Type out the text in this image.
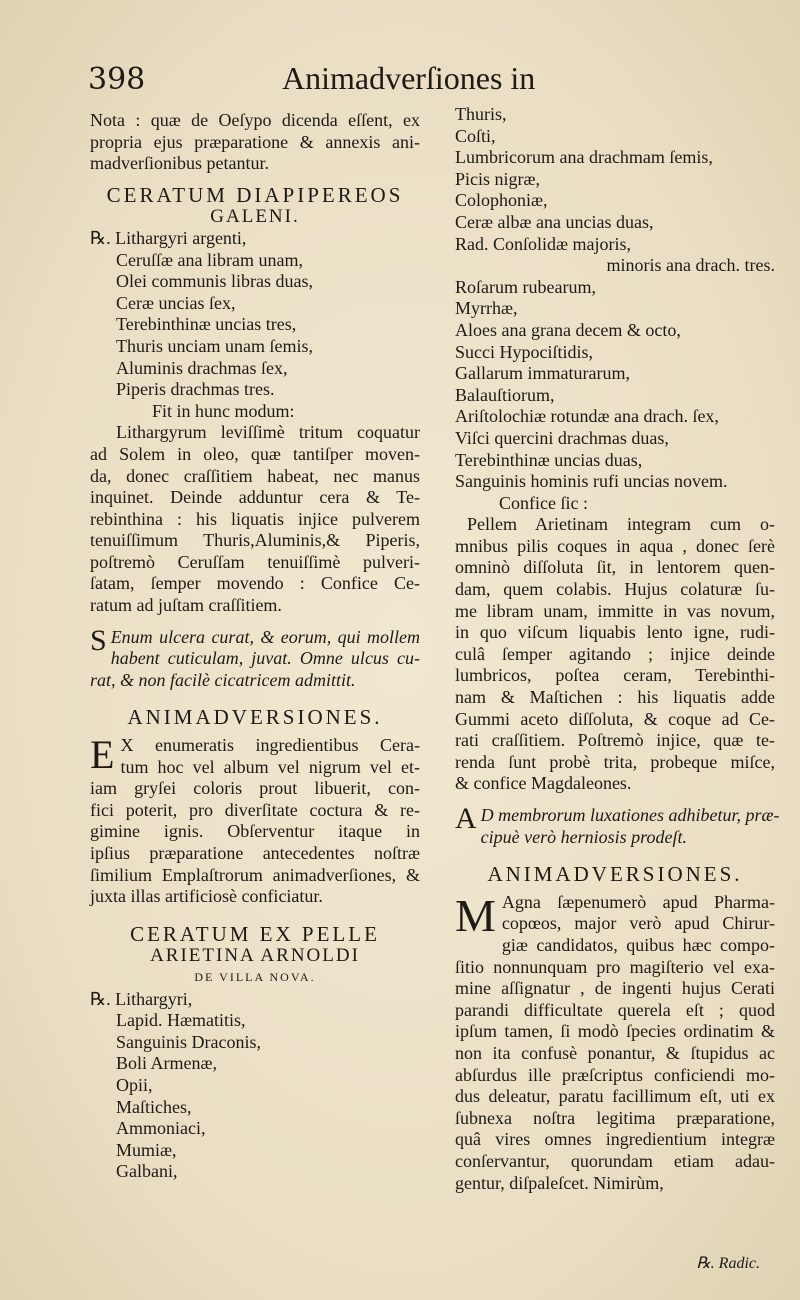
398	Animadverſiones in
Nota : quæ de Oeſypo dicenda eſſent, ex
propria ejus præparatione & annexis ani-
madverſionibus petantur.
CERATUM DIAPIPEREOS
GALENI.
℞. Lithargyri argenti,
Ceruſſæ ana libram unam,
Olei communis libras duas,
Ceræ uncias ſex,
Terebinthinæ uncias tres,
Thuris unciam unam ſemis,
Aluminis drachmas ſex,
Piperis drachmas tres.
Fit in hunc modum:
Lithargyrum leviſſimè tritum coquatur
ad Solem in oleo, quæ tantiſper moven-
da, donec craſſitiem habeat, nec manus
inquinet. Deinde adduntur cera & Te-
rebinthina : his liquatis injice pulverem
tenuiſſimum Thuris,Aluminis,& Piperis,
poſtremò Ceruſſam tenuiſſimè pulveri-
ſatam, ſemper movendo : Confice Ce-
ratum ad juſtam craſſitiem.
S Enum ulcera curat, & eorum, qui mollem
habent cuticulam, juvat. Omne ulcus cu-
rat, & non facilè cicatricem admittit.
ANIMADVERSIONES.
E X enumeratis ingredientibus Cera-
tum hoc vel album vel nigrum vel et-
iam gryſei coloris prout libuerit, con-
fici poterit, pro diverſitate coctura & re-
gimine ignis. Obſerventur itaque in
ipſius præparatione antecedentes noſtræ
ſimilium Emplaſtrorum animadverſiones, &
juxta illas artificiosè conficiatur.
CERATUM EX PELLE
ARIETINA ARNOLDI
DE VILLA NOVA.
℞. Lithargyri,
Lapid. Hæmatitis,
Sanguinis Draconis,
Boli Armenæ,
Opii,
Maſtiches,
Ammoniaci,
Mumiæ,
Galbani,
Thuris,
Coſti,
Lumbricorum ana drachmam ſemis,
Picis nigræ,
Colophoniæ,
Ceræ albæ ana uncias duas,
Rad. Conſolidæ majoris,
minoris ana drach. tres.
Roſarum rubearum,
Myrrhæ,
Aloes ana grana decem & octo,
Succi Hypociſtidis,
Gallarum immaturarum,
Balauſtiorum,
Ariſtolochiæ rotundæ ana drach. ſex,
Viſci quercini drachmas duas,
Terebinthinæ uncias duas,
Sanguinis hominis rufi uncias novem.
Confice ſic :
Pellem Arietinam integram cum o-
mnibus pilis coques in aqua , donec ſerè
omninò diſſoluta ſit, in lentorem quen-
dam, quem colabis. Hujus colaturæ ſu-
me libram unam, immitte in vas novum,
in quo viſcum liquabis lento igne, rudi-
culâ ſemper agitando ; injice deinde
lumbricos, poſtea ceram, Terebinthi-
nam & Maſtichen : his liquatis adde
Gummi aceto diſſoluta, & coque ad Ce-
rati craſſitiem. Poſtremò injice, quæ te-
renda ſunt probè trita, probeque miſce,
& confice Magdaleones.
A D membrorum luxationes adhibetur, præ-
cipuè verò herniosis prodeſt.
ANIMADVERSIONES.
M Agna ſæpenumerò apud Pharma-
copœos, major verò apud Chirur-
giæ candidatos, quibus hæc compo-
ſitio nonnunquam pro magiſterio vel exa-
mine aſſignatur , de ingenti hujus Cerati
parandi difficultate querela eſt ; quod
ipſum tamen, ſi modò ſpecies ordinatim &
non ita confusè ponantur, & ſtupidus ac
abſurdus ille præſcriptus conficiendi mo-
dus deleatur, paratu facillimum eſt, uti ex
ſubnexa noſtra legitima præparatione,
quâ vires omnes ingredientium integræ
conſervantur, quorundam etiam adau-
gentur, diſpaleſcet. Nimirùm,
℞. Radic.
